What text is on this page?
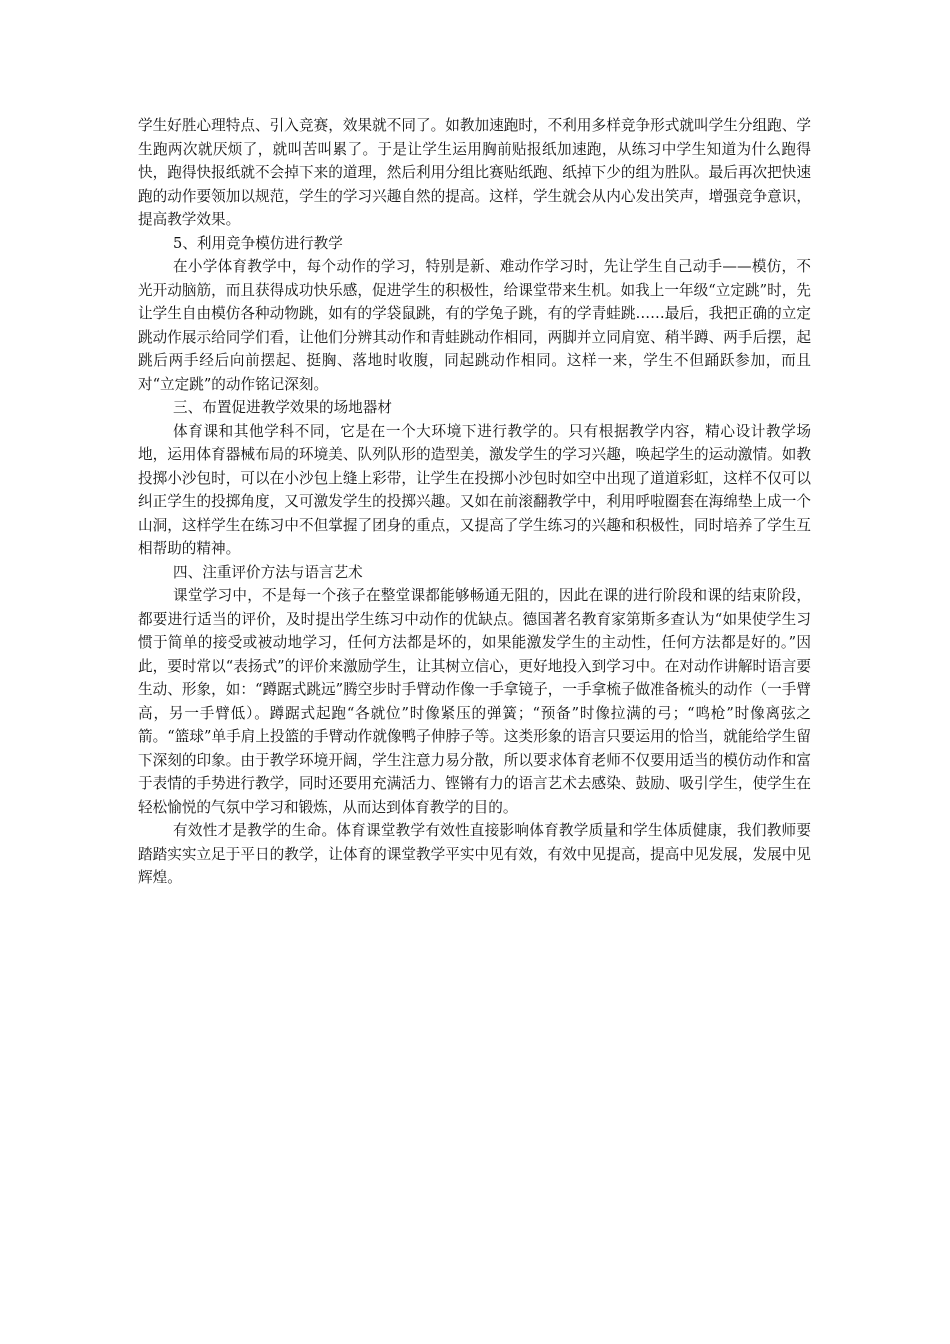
学生好胜心理特点、引入竞赛，效果就不同了。如教加速跑时，不利用多样竞争形式就叫学生分组跑、学生跑两次就厌烦了，就叫苦叫累了。于是让学生运用胸前贴报纸加速跑，从练习中学生知道为什么跑得快，跑得快报纸就不会掉下来的道理，然后利用分组比赛贴纸跑、纸掉下少的组为胜队。最后再次把快速跑的动作要领加以规范，学生的学习兴趣自然的提高。这样，学生就会从内心发出笑声，增强竞争意识，提高教学效果。

5、利用竞争模仿进行教学

在小学体育教学中，每个动作的学习，特别是新、难动作学习时，先让学生自己动手——模仿，不光开动脑筋，而且获得成功快乐感，促进学生的积极性，给课堂带来生机。如我上一年级“立定跳”时，先让学生自由模仿各种动物跳，如有的学袋鼠跳，有的学兔子跳，有的学青蛙跳……最后，我把正确的立定跳动作展示给同学们看，让他们分辨其动作和青蛙跳动作相同，两脚并立同肩宽、稍半蹲、两手后摆，起跳后两手经后向前摆起、挺胸、落地时收腹，同起跳动作相同。这样一来，学生不但踊跃参加，而且对“立定跳”的动作铭记深刻。

三、布置促进教学效果的场地器材

体育课和其他学科不同，它是在一个大环境下进行教学的。只有根据教学内容，精心设计教学场地，运用体育器械布局的环境美、队列队形的造型美，激发学生的学习兴趣，唤起学生的运动激情。如教投掷小沙包时，可以在小沙包上缝上彩带，让学生在投掷小沙包时如空中出现了道道彩虹，这样不仅可以纠正学生的投掷角度，又可激发学生的投掷兴趣。又如在前滚翻教学中，利用呼啦圈套在海绵垫上成一个山洞，这样学生在练习中不但掌握了团身的重点，又提高了学生练习的兴趣和积极性，同时培养了学生互相帮助的精神。

四、注重评价方法与语言艺术

课堂学习中，不是每一个孩子在整堂课都能够畅通无阻的，因此在课的进行阶段和课的结束阶段，都要进行适当的评价，及时提出学生练习中动作的优缺点。德国著名教育家第斯多查认为“如果使学生习惯于简单的接受或被动地学习，任何方法都是坏的，如果能激发学生的主动性，任何方法都是好的。”因此，要时常以“表扬式”的评价来激励学生，让其树立信心，更好地投入到学习中。在对动作讲解时语言要生动、形象，如：“蹲踞式跳远”腾空步时手臂动作像一手拿镜子，一手拿梳子做准备梳头的动作（一手臂高，另一手臂低）。蹲踞式起跑“各就位”时像紧压的弹簧；“预备”时像拉满的弓；“鸣枪”时像离弦之箭。“篮球”单手肩上投篮的手臂动作就像鸭子伸脖子等。这类形象的语言只要运用的恰当，就能给学生留下深刻的印象。由于教学环境开阔，学生注意力易分散，所以要求体育老师不仅要用适当的模仿动作和富于表情的手势进行教学，同时还要用充满活力、铿锵有力的语言艺术去感染、鼓励、吸引学生，使学生在轻松愉悦的气氛中学习和锻炼，从而达到体育教学的目的。

有效性才是教学的生命。体育课堂教学有效性直接影响体育教学质量和学生体质健康，我们教师要踏踏实实立足于平日的教学，让体育的课堂教学平实中见有效，有效中见提高，提高中见发展，发展中见辉煌。
